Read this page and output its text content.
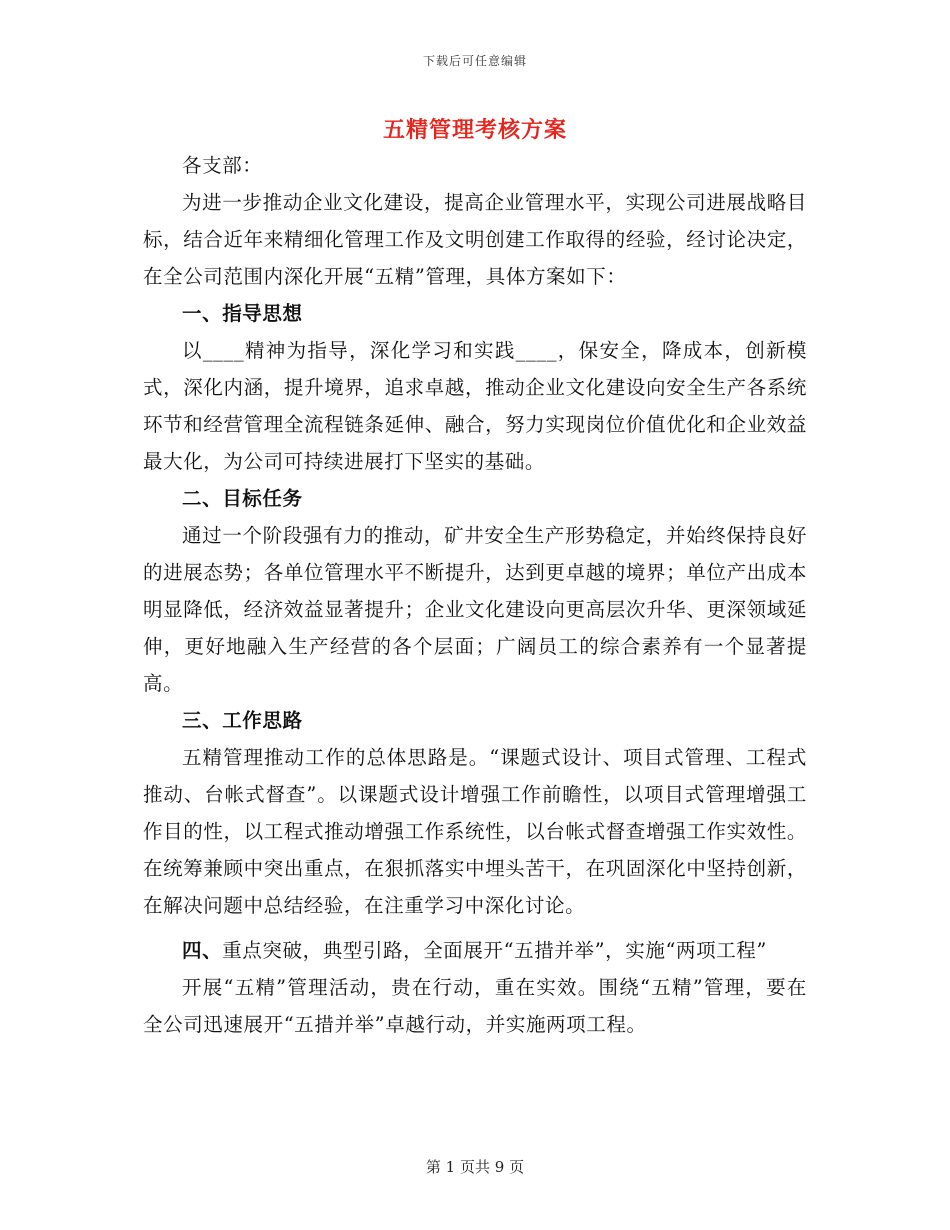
下载后可任意编辑
五精管理考核方案

各支部：

为进一步推动企业文化建设，提高企业管理水平，实现公司进展战略目标，结合近年来精细化管理工作及文明创建工作取得的经验，经讨论决定，在全公司范围内深化开展“五精”管理，具体方案如下：

一、指导思想

以____精神为指导，深化学习和实践____，保安全，降成本，创新模式，深化内涵，提升境界，追求卓越，推动企业文化建设向安全生产各系统环节和经营管理全流程链条延伸、融合，努力实现岗位价值优化和企业效益最大化，为公司可持续进展打下坚实的基础。

二、目标任务

通过一个阶段强有力的推动，矿井安全生产形势稳定，并始终保持良好的进展态势；各单位管理水平不断提升，达到更卓越的境界；单位产出成本明显降低，经济效益显著提升；企业文化建设向更高层次升华、更深领域延伸，更好地融入生产经营的各个层面；广阔员工的综合素养有一个显著提高。

三、工作思路

五精管理推动工作的总体思路是。“课题式设计、项目式管理、工程式推动、台帐式督查”。以课题式设计增强工作前瞻性，以项目式管理增强工作目的性，以工程式推动增强工作系统性，以台帐式督查增强工作实效性。在统筹兼顾中突出重点，在狠抓落实中埋头苦干，在巩固深化中坚持创新，在解决问题中总结经验，在注重学习中深化讨论。

四、重点突破，典型引路，全面展开“五措并举”，实施“两项工程”

开展“五精”管理活动，贵在行动，重在实效。围绕“五精”管理，要在全公司迅速展开“五措并举”卓越行动，并实施两项工程。

第 1 页共 9 页
